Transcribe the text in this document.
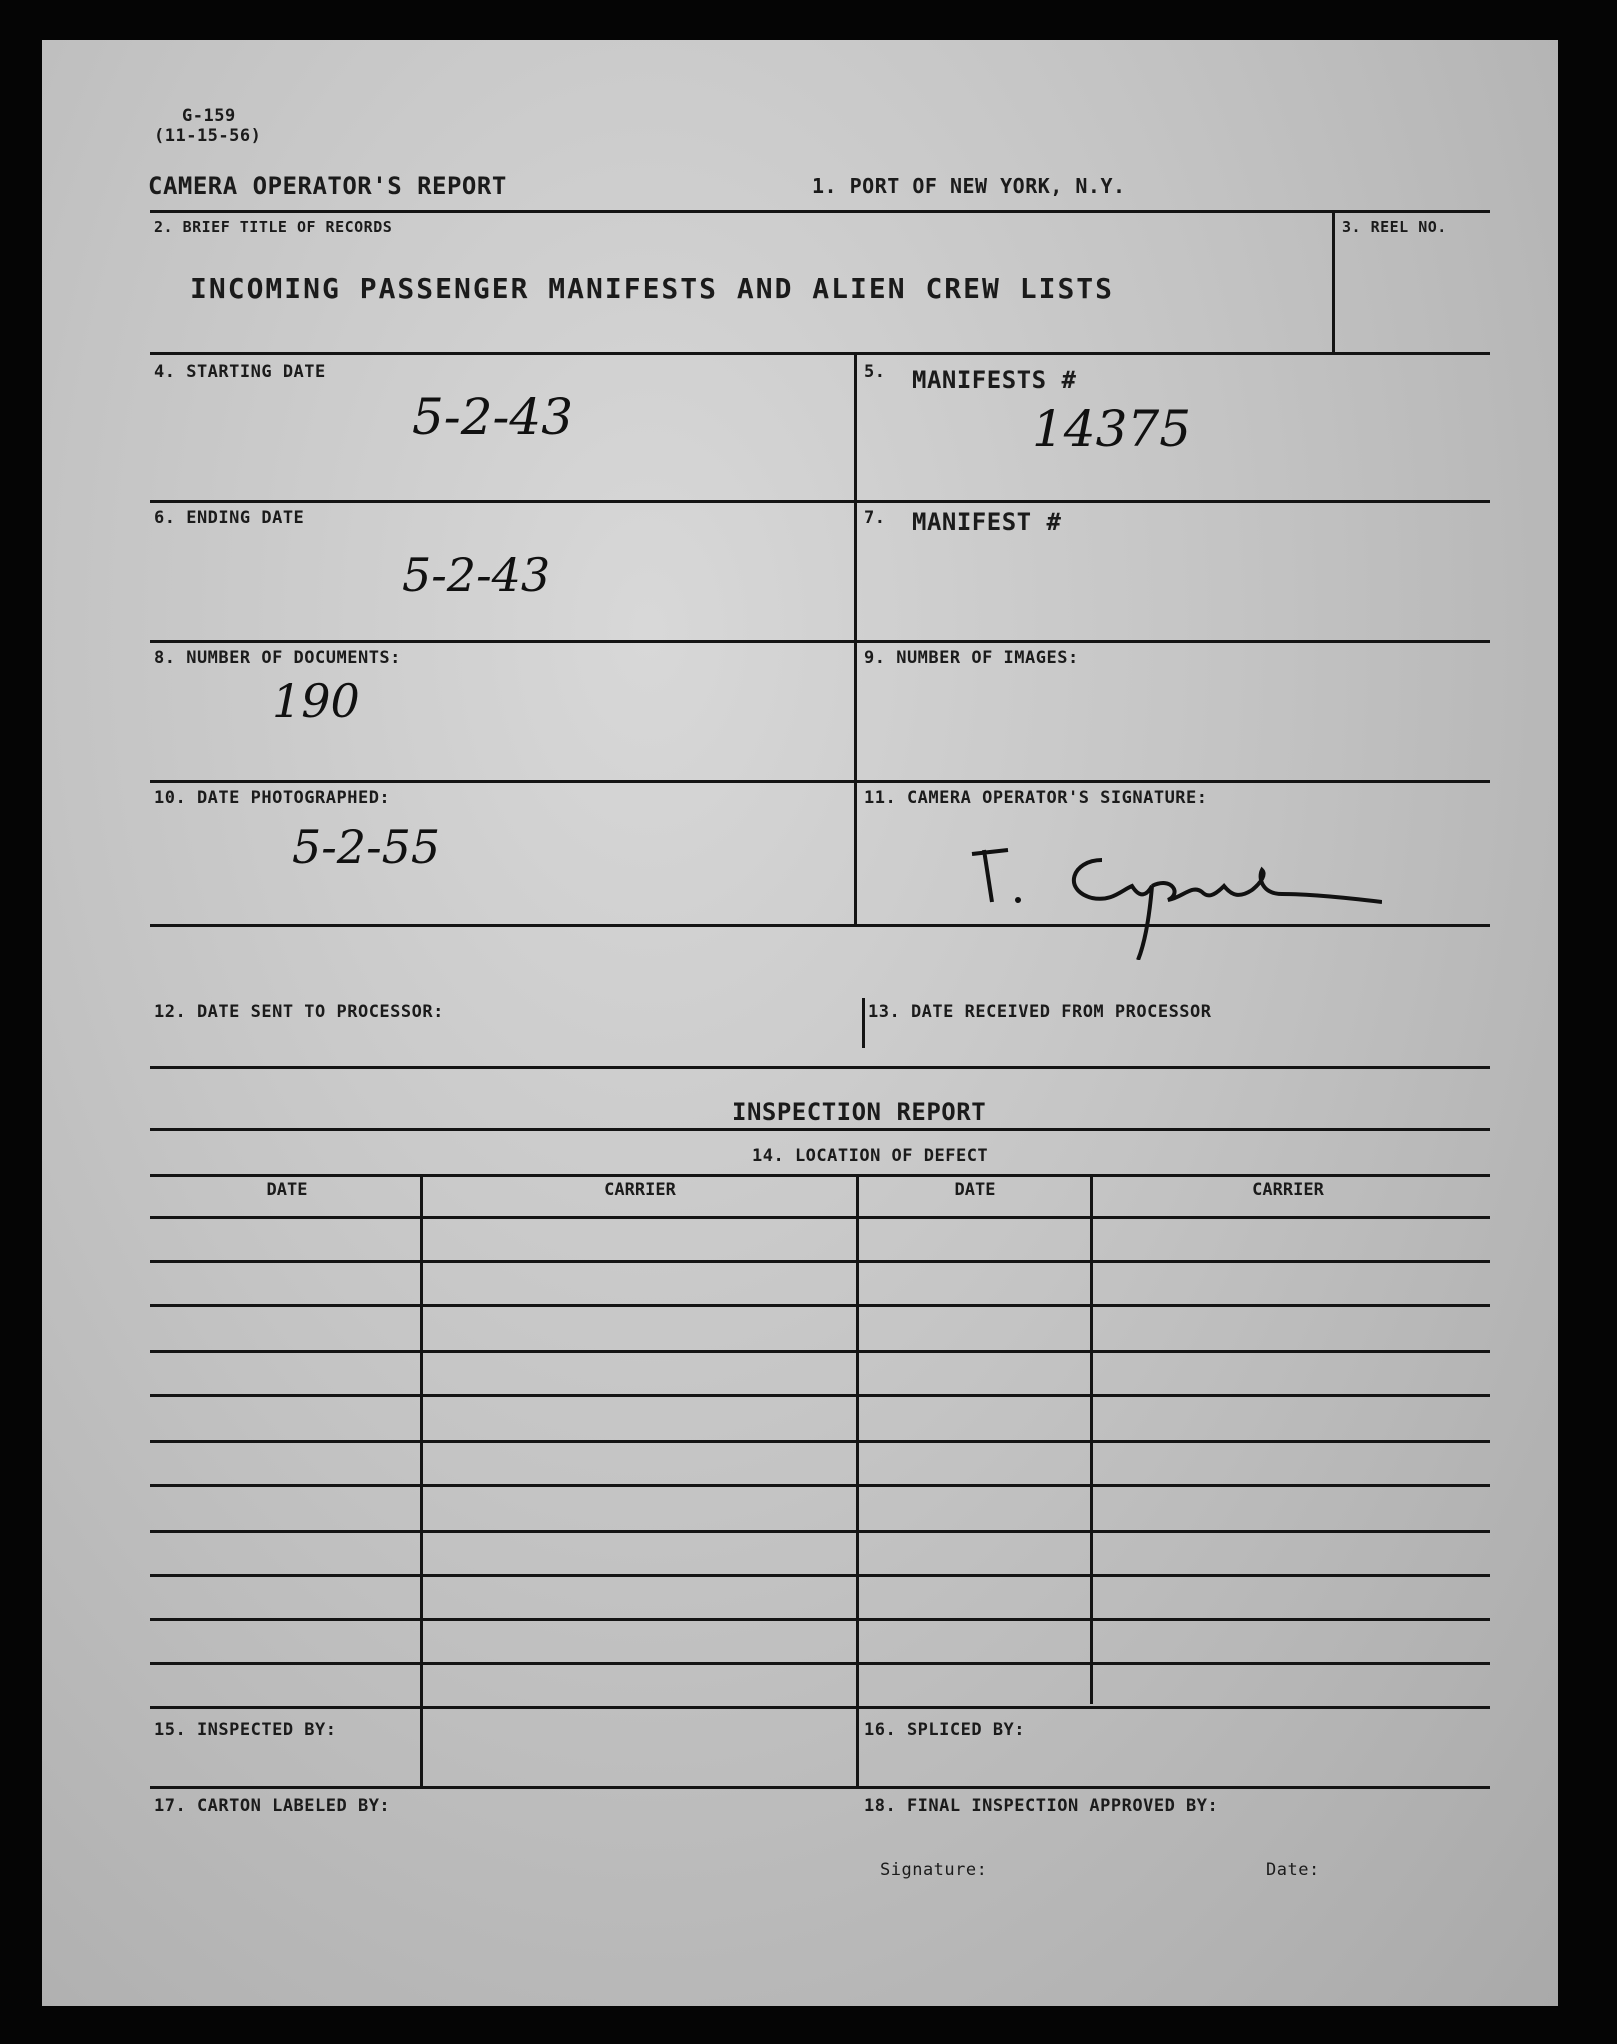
G-159
(11-15-56)
CAMERA OPERATOR'S REPORT	1. PORT OF NEW YORK, N.Y.
2. BRIEF TITLE OF RECORDS	3. REEL NO.
INCOMING PASSENGER MANIFESTS AND ALIEN CREW LISTS
4. STARTING DATE
5-2-43
5. MANIFESTS #
14375
6. ENDING DATE
5-2-43
7. MANIFEST #
8. NUMBER OF DOCUMENTS:
190
9. NUMBER OF IMAGES:
10. DATE PHOTOGRAPHED:
5-2-55
11. CAMERA OPERATOR'S SIGNATURE:
12. DATE SENT TO PROCESSOR:	13. DATE RECEIVED FROM PROCESSOR
INSPECTION REPORT
14. LOCATION OF DEFECT
DATE	CARRIER	DATE	CARRIER
15. INSPECTED BY:	16. SPLICED BY:
17. CARTON LABELED BY:	18. FINAL INSPECTION APPROVED BY:
Signature:	Date:
